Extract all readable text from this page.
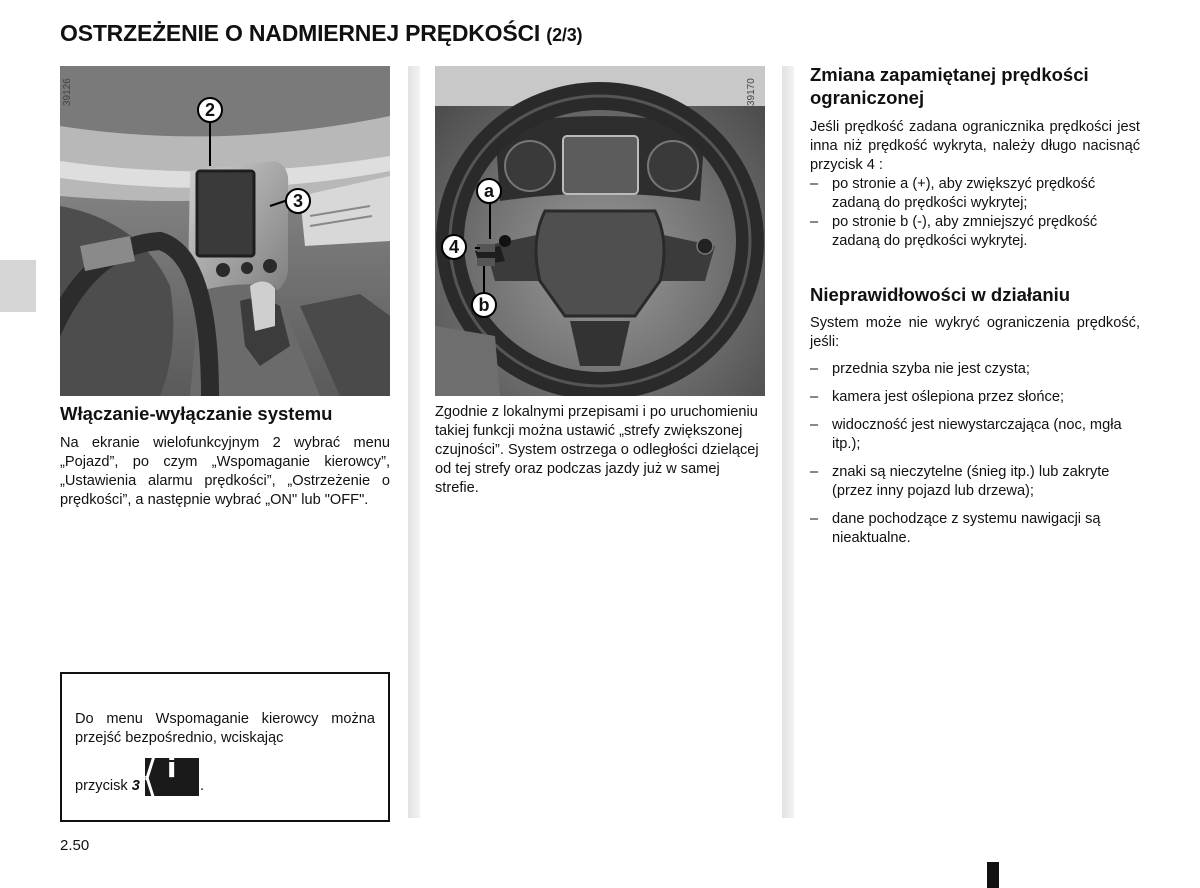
OSTRZEŻENIE O NADMIERNEJ PRĘDKOŚCI (2/3)
39126
2
3
39170
a
4
b
Włączanie-wyłączanie systemu
Na ekranie wielofunkcyjnym 2 wybrać menu „Pojazd”, po czym „Wspomaganie kierowcy”, „Ustawienia alarmu prędkości”, „Ostrzeżenie o prędkości”, a następnie wybrać „ON" lub "OFF".
Do menu Wspomaganie kierowcy można przejść bezpośrednio, wciskając
przycisk
3

/ i \	.
Zgodnie z lokalnymi przepisami i po uruchomieniu takiej funkcji można ustawić „strefy zwiększonej czujności”. System ostrzega o odległości dzielącej od tej strefy oraz podczas jazdy już w samej strefie.
Zmiana zapamiętanej prędkości ograniczonej
Jeśli prędkość zadana ogranicznika prędkości jest inna niż prędkość wykryta, należy długo nacisnąć przycisk 4 :
– po stronie a (+), aby zwiększyć prędkość zadaną do prędkości wykrytej;
– po stronie b (-), aby zmniejszyć prędkość zadaną do prędkości wykrytej.
Nieprawidłowości w działaniu
System może nie wykryć ograniczenia prędkość, jeśli:
– przednia szyba nie jest czysta;
– kamera jest oślepiona przez słońce;
– widoczność jest niewystarczająca (noc, mgła itp.);
– znaki są nieczytelne (śnieg itp.) lub zakryte (przez inny pojazd lub drzewa);
– dane pochodzące z systemu nawigacji są nieaktualne.
2.50
